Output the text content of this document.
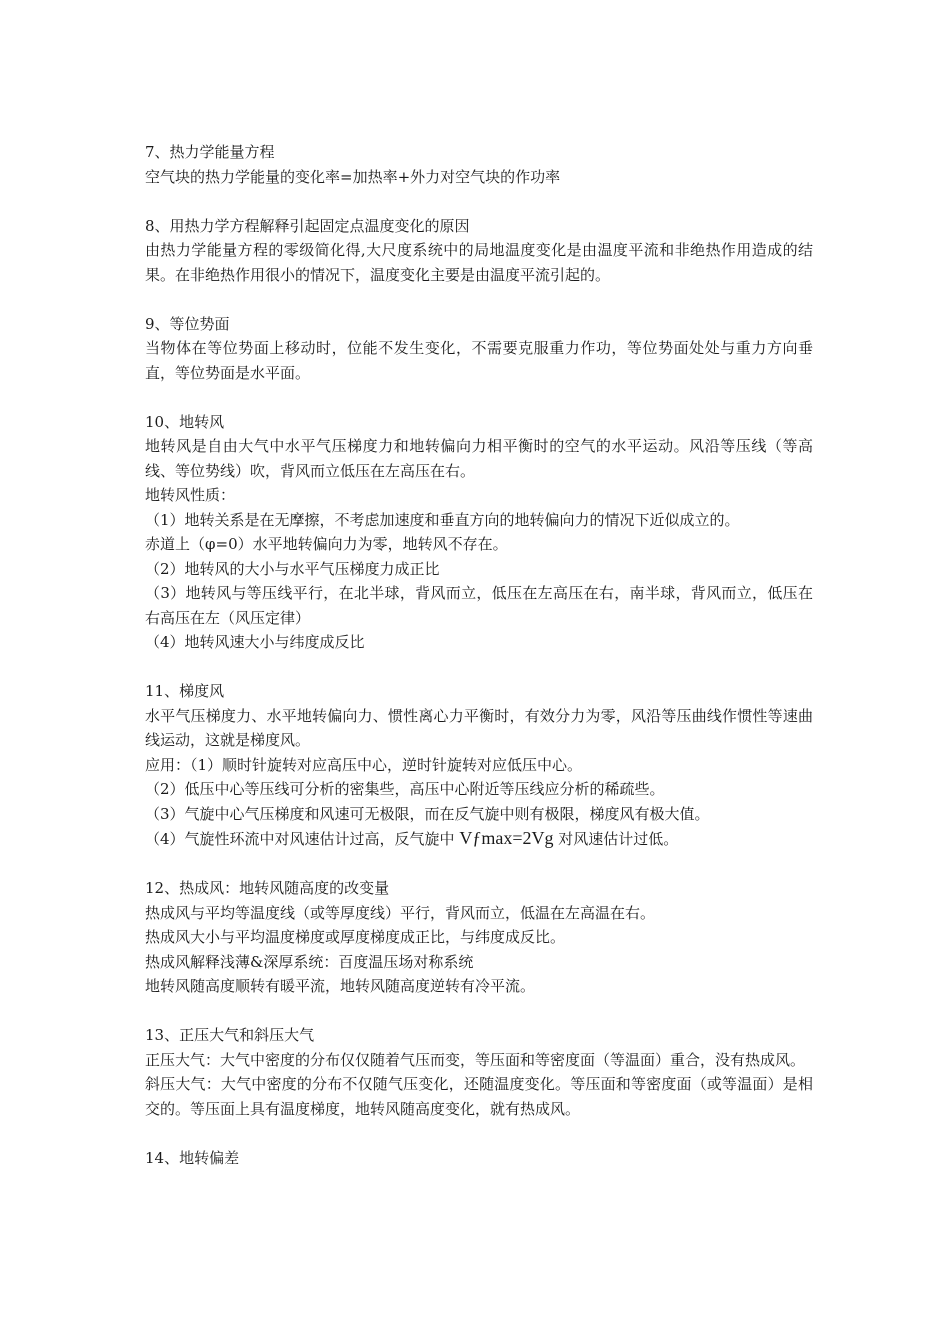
7、热力学能量方程
空气块的热力学能量的变化率=加热率+外力对空气块的作功率
8、用热力学方程解释引起固定点温度变化的原因
由热力学能量方程的零级简化得,大尺度系统中的局地温度变化是由温度平流和非绝热作用造成的结果。在非绝热作用很小的情况下，温度变化主要是由温度平流引起的。
9、等位势面
当物体在等位势面上移动时，位能不发生变化，不需要克服重力作功，等位势面处处与重力方向垂直，等位势面是水平面。
10、地转风
地转风是自由大气中水平气压梯度力和地转偏向力相平衡时的空气的水平运动。风沿等压线（等高线、等位势线）吹，背风而立低压在左高压在右。
地转风性质：
（1）地转关系是在无摩擦，不考虑加速度和垂直方向的地转偏向力的情况下近似成立的。
赤道上（φ=0）水平地转偏向力为零，地转风不存在。
（2）地转风的大小与水平气压梯度力成正比
（3）地转风与等压线平行，在北半球，背风而立，低压在左高压在右，南半球，背风而立，低压在右高压在左（风压定律）
（4）地转风速大小与纬度成反比
11、梯度风
水平气压梯度力、水平地转偏向力、惯性离心力平衡时，有效分力为零，风沿等压曲线作惯性等速曲线运动，这就是梯度风。
应用：（1）顺时针旋转对应高压中心，逆时针旋转对应低压中心。
（2）低压中心等压线可分析的密集些，高压中心附近等压线应分析的稀疏些。
（3）气旋中心气压梯度和风速可无极限，而在反气旋中则有极限，梯度风有极大值。
（4）气旋性环流中对风速估计过高，反气旋中 Vƒmax=2Vg 对风速估计过低。
12、热成风：地转风随高度的改变量
热成风与平均等温度线（或等厚度线）平行，背风而立，低温在左高温在右。
热成风大小与平均温度梯度或厚度梯度成正比，与纬度成反比。
热成风解释浅薄&深厚系统：百度温压场对称系统
地转风随高度顺转有暖平流，地转风随高度逆转有冷平流。
13、正压大气和斜压大气
正压大气：大气中密度的分布仅仅随着气压而变，等压面和等密度面（等温面）重合，没有热成风。
斜压大气：大气中密度的分布不仅随气压变化，还随温度变化。等压面和等密度面（或等温面）是相交的。等压面上具有温度梯度，地转风随高度变化，就有热成风。
14、地转偏差
